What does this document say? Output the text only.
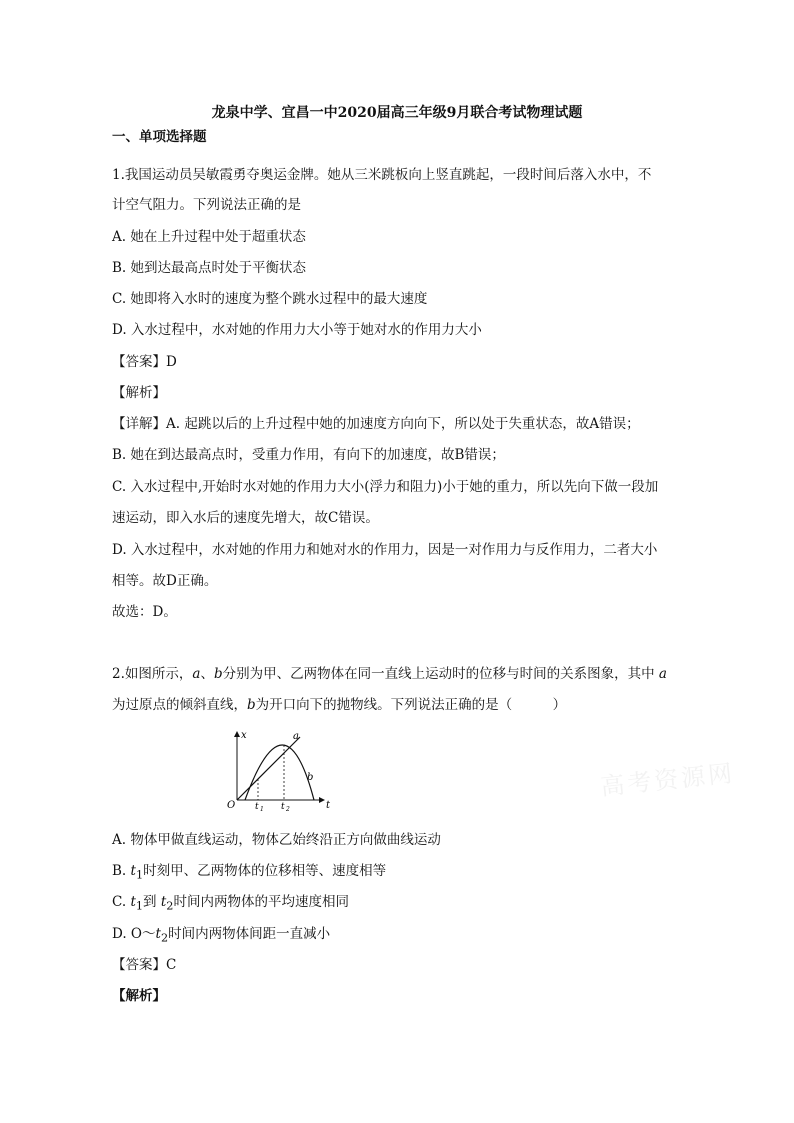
龙泉中学、宜昌一中2020届高三年级9月联合考试物理试题
一、单项选择题
1.我国运动员吴敏霞勇夺奥运金牌。她从三米跳板向上竖直跳起，一段时间后落入水中，不
计空气阻力。下列说法正确的是
A. 她在上升过程中处于超重状态
B. 她到达最高点时处于平衡状态
C. 她即将入水时的速度为整个跳水过程中的最大速度
D. 入水过程中，水对她的作用力大小等于她对水的作用力大小
【答案】D
【解析】
【详解】A. 起跳以后的上升过程中她的加速度方向向下，所以处于失重状态，故A错误；
B. 她在到达最高点时，受重力作用，有向下的加速度，故B错误；
C. 入水过程中,开始时水对她的作用力大小(浮力和阻力)小于她的重力，所以先向下做一段加
速运动，即入水后的速度先增大，故C错误。
D. 入水过程中，水对她的作用力和她对水的作用力，因是一对作用力与反作用力，二者大小
相等。故D正确。
故选：D。
2.如图所示，a、b分别为甲、乙两物体在同一直线上运动时的位移与时间的关系图象，其中 a
为过原点的倾斜直线，b为开口向下的抛物线。下列说法正确的是（　　　）
x
t
O
a
b
t 1 t 2
高考资源网
A. 物体甲做直线运动，物体乙始终沿正方向做曲线运动
B. $t_1$时刻甲、乙两物体的位移相等、速度相等
C. $t_1$到 $t_2$时间内两物体的平均速度相同
D. $O\sim t_2$时间内两物体间距一直减小
【答案】C
【解析】
